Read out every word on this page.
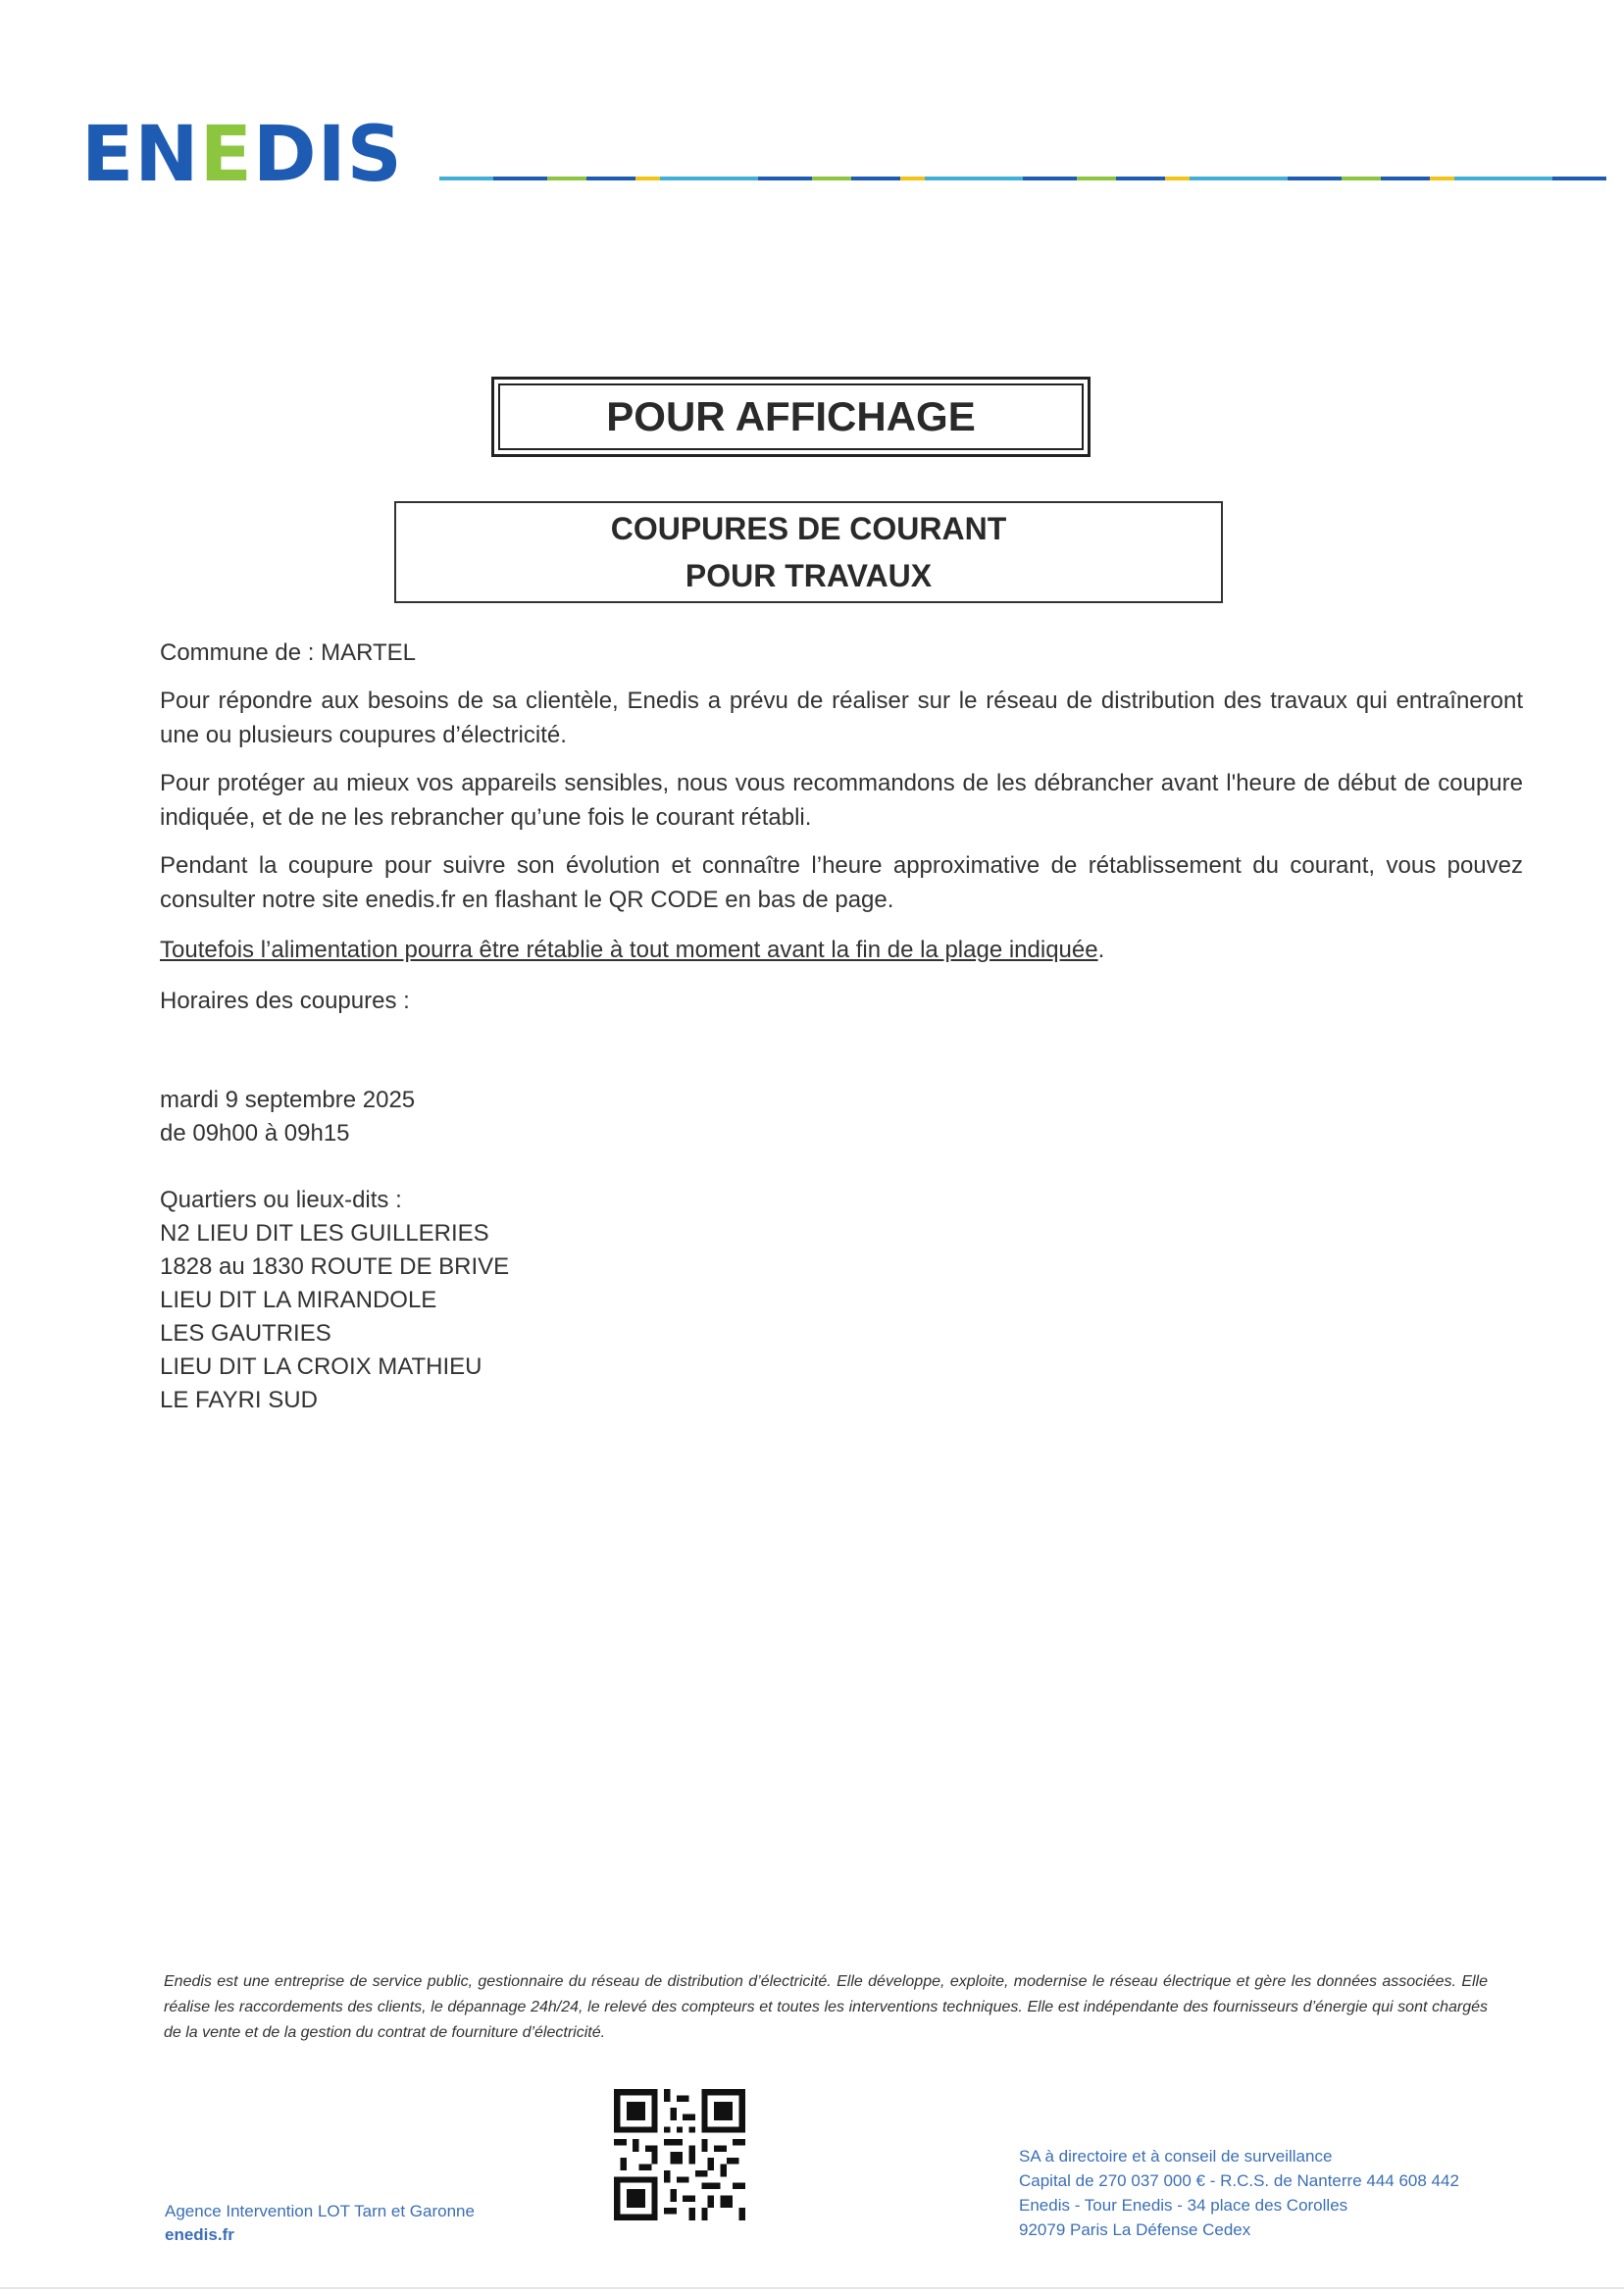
ENEDIS
POUR AFFICHAGE
COUPURES DE COURANT
POUR TRAVAUX

Commune de : MARTEL

Pour répondre aux besoins de sa clientèle, Enedis a prévu de réaliser sur le réseau de distribution des travaux qui entraîneront une ou plusieurs coupures d’électricité.

Pour protéger au mieux vos appareils sensibles, nous vous recommandons de les débrancher avant l'heure de début de coupure indiquée, et de ne les rebrancher qu’une fois le courant rétabli.

Pendant la coupure pour suivre son évolution et connaître l’heure approximative de rétablissement du courant, vous pouvez consulter notre site enedis.fr en flashant le QR CODE en bas de page.

Toutefois l’alimentation pourra être rétablie à tout moment avant la fin de la plage indiquée.

Horaires des coupures :

mardi 9 septembre 2025
de 09h00 à 09h15
Quartiers ou lieux-dits :
N2 LIEU DIT LES GUILLERIES
1828 au 1830 ROUTE DE BRIVE
LIEU DIT LA MIRANDOLE
LES GAUTRIES
LIEU DIT LA CROIX MATHIEU
LE FAYRI SUD
Enedis est une entreprise de service public, gestionnaire du réseau de distribution d’électricité. Elle développe, exploite, modernise le réseau électrique et gère les données associées. Elle réalise les raccordements des clients, le dépannage 24h/24, le relevé des compteurs et toutes les interventions techniques. Elle est indépendante des fournisseurs d’énergie qui sont chargés de la vente et de la gestion du contrat de fourniture d’électricité.
Agence Intervention LOT Tarn et Garonne
enedis.fr
SA à directoire et à conseil de surveillance
Capital de 270 037 000 € - R.C.S. de Nanterre 444 608 442
Enedis - Tour Enedis - 34 place des Corolles
92079 Paris La Défense Cedex
